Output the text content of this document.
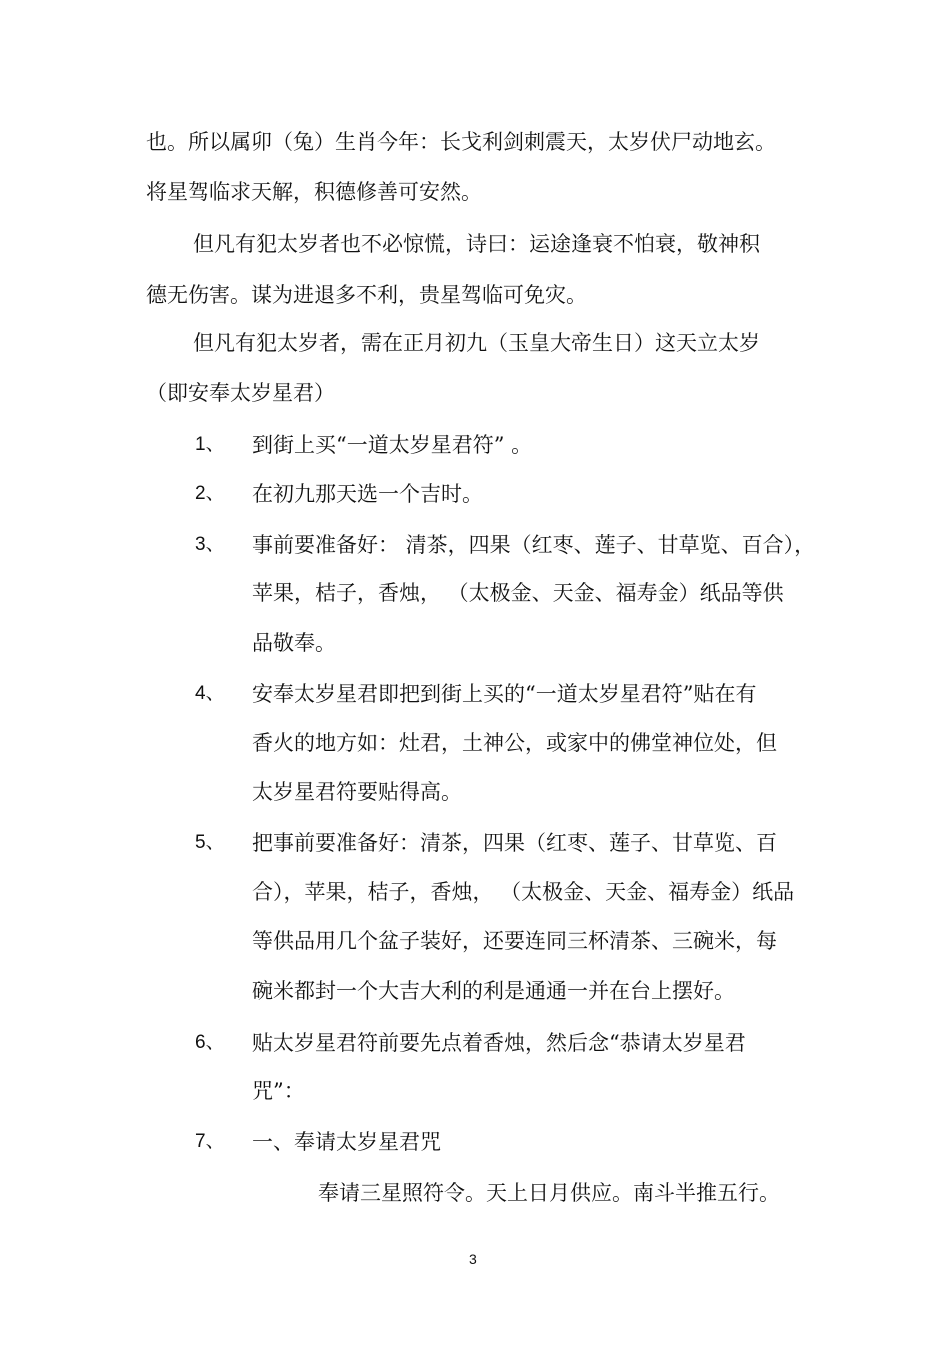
也。所以属卯（兔）生肖今年：长戈利剑刺震天，太岁伏尸动地玄。
将星驾临求天解，积德修善可安然。
但凡有犯太岁者也不必惊慌，诗曰：运途逢衰不怕衰，敬神积
德无伤害。谋为进退多不利，贵星驾临可免灾。
但凡有犯太岁者，需在正月初九（玉皇大帝生日）这天立太岁
（即安奉太岁星君）
1、 到街上买“一道太岁星君符” 。
2、 在初九那天选一个吉时。
3、 事前要准备好： 清茶，四果（红枣、莲子、甘草览、百合），
苹果，桔子，香烛， （太极金、天金、福寿金）纸品等供
品敬奉。
4、 安奉太岁星君即把到街上买的“一道太岁星君符”贴在有
香火的地方如：灶君，土神公，或家中的佛堂神位处，但
太岁星君符要贴得高。
5、 把事前要准备好：清茶，四果（红枣、莲子、甘草览、百
合），苹果，桔子，香烛， （太极金、天金、福寿金）纸品
等供品用几个盆子装好，还要连同三杯清茶、三碗米，每
碗米都封一个大吉大利的利是通通一并在台上摆好。
6、 贴太岁星君符前要先点着香烛，然后念“恭请太岁星君
咒”：
7、 一、奉请太岁星君咒
奉请三星照符令。天上日月供应。南斗半推五行。
3
